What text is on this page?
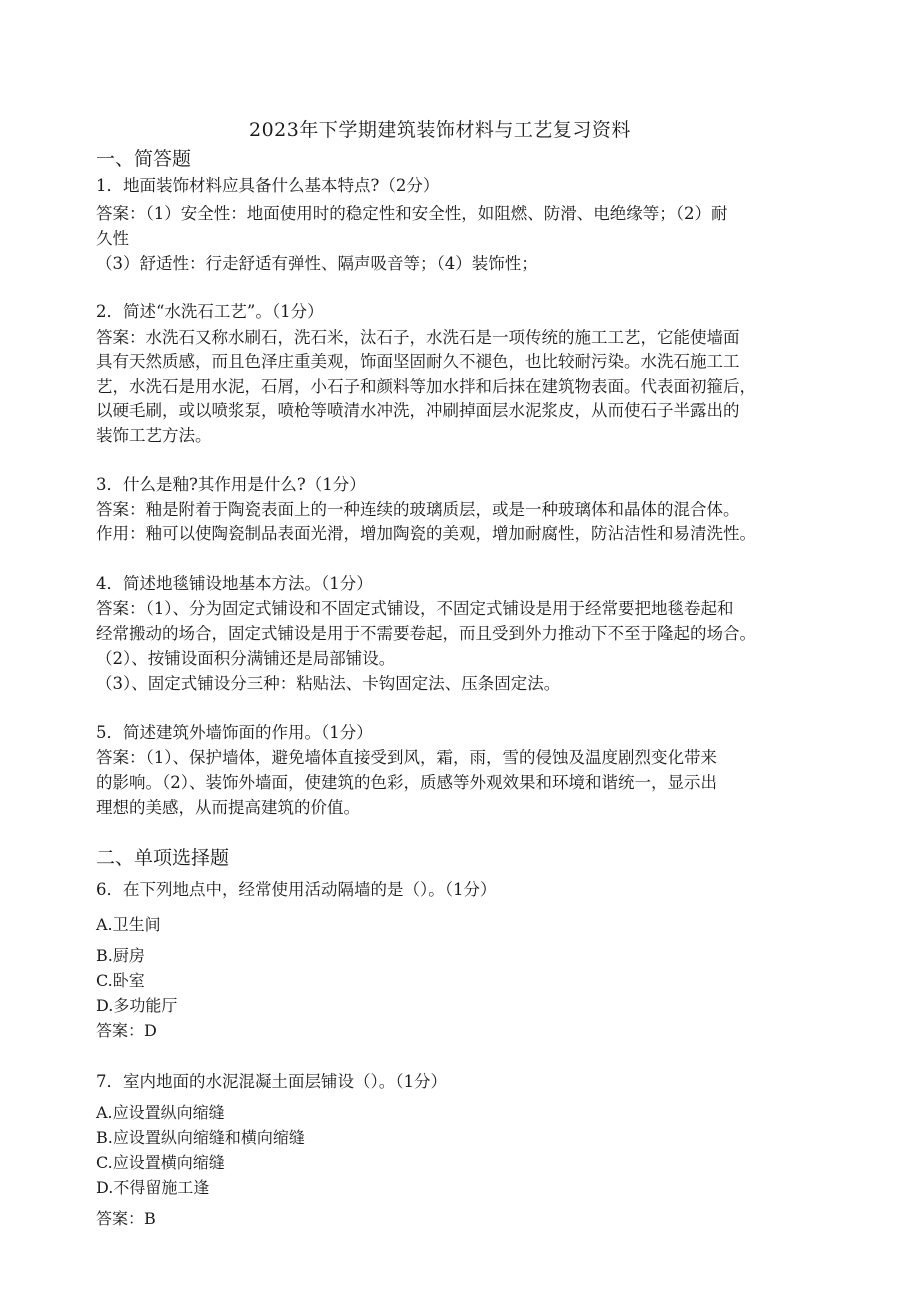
2023年下学期建筑装饰材料与工艺复习资料
一、简答题
1．地面装饰材料应具备什么基本特点?（2分）
答案：（1）安全性：地面使用时的稳定性和安全性，如阻燃、防滑、电绝缘等；（2）耐
久性
（3）舒适性：行走舒适有弹性、隔声吸音等；（4）装饰性；
2．简述“水洗石工艺”。（1分）
答案：水洗石又称水刷石，洗石米，汰石子，水洗石是一项传统的施工工艺，它能使墙面
具有天然质感，而且色泽庄重美观，饰面坚固耐久不褪色，也比较耐污染。水洗石施工工
艺，水洗石是用水泥，石屑，小石子和颜料等加水拌和后抹在建筑物表面。代表面初箍后，
以硬毛刷，或以喷浆泵，喷枪等喷清水冲洗，冲刷掉面层水泥浆皮，从而使石子半露出的
装饰工艺方法。
3．什么是釉?其作用是什么?（1分）
答案：釉是附着于陶瓷表面上的一种连续的玻璃质层，或是一种玻璃体和晶体的混合体。
作用：釉可以使陶瓷制品表面光滑，增加陶瓷的美观，增加耐腐性，防沾洁性和易清洗性。
4．简述地毯铺设地基本方法。（1分）
答案：（1）、分为固定式铺设和不固定式铺设，不固定式铺设是用于经常要把地毯卷起和
经常搬动的场合，固定式铺设是用于不需要卷起，而且受到外力推动下不至于隆起的场合。
（2）、按铺设面积分满铺还是局部铺设。
（3）、固定式铺设分三种：粘贴法、卡钩固定法、压条固定法。
5．简述建筑外墙饰面的作用。（1分）
答案：（1）、保护墙体，避免墙体直接受到风，霜，雨，雪的侵蚀及温度剧烈变化带来
的影响。（2）、装饰外墙面，使建筑的色彩，质感等外观效果和环境和谐统一，显示出
理想的美感，从而提高建筑的价值。
二、单项选择题
6．在下列地点中，经常使用活动隔墙的是（）。（1分）
A.卫生间
B.厨房
C.卧室
D.多功能厅
答案：D
7．室内地面的水泥混凝土面层铺设（）。（1分）
A.应设置纵向缩缝
B.应设置纵向缩缝和横向缩缝
C.应设置横向缩缝
D.不得留施工逢
答案：B
